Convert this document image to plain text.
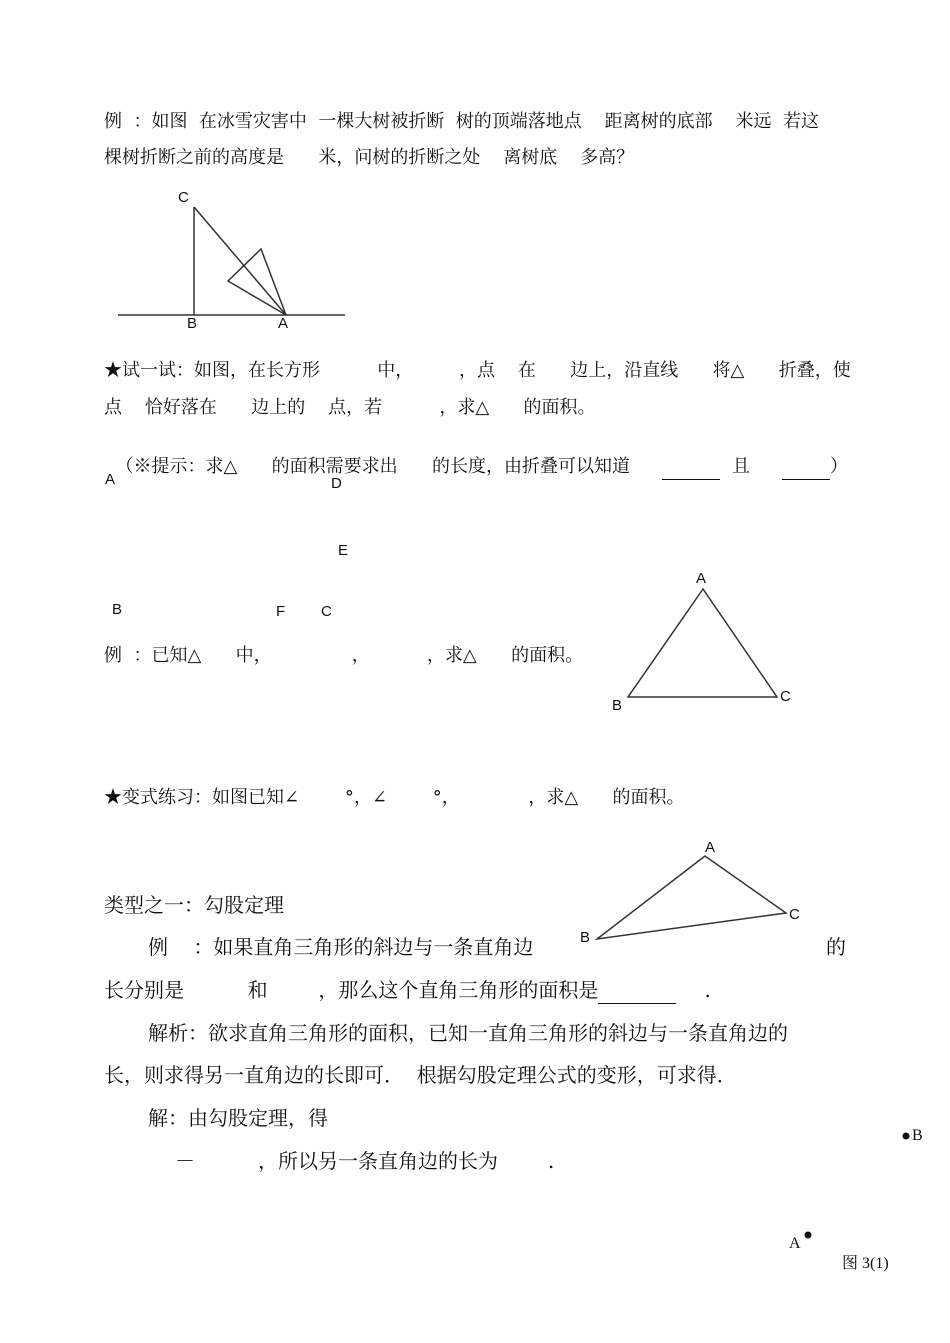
例  ：如图  在冰雪灾害中  一棵大树被折断  树的顶端落地点    距离树的底部    米远  若这
棵树折断之前的高度是      米，问树的折断之处    离树底    多高？
C
B	A
★试一试：如图，在长方形          中，        ，点    在      边上，沿直线      将△      折叠，使
点    恰好落在      边上的    点，若          ，求△      的面积。

（※提示：求△      的面积需要求出      的长度，由折叠可以知道	且	）

A	D
E
B	F C
例  ：已知△      中，              ，          ，求△      的面积。
A
B
C
★变式练习：如图已知∠        °，∠        °，            ，求△      的面积。
A
B
C
类型之一：勾股定理
例    ：如果直角三角形的斜边与一条直角边	的
长分别是          和        ，那么这个直角三角形的面积是	.
解析：欲求直角三角形的面积，已知一直角三角形的斜边与一条直角边的
长，则求得另一直角边的长即可．  根据勾股定理公式的变形，可求得．
解：由勾股定理，得
－	，所以另一条直角边的长为	.
B
A
图 3(1)
